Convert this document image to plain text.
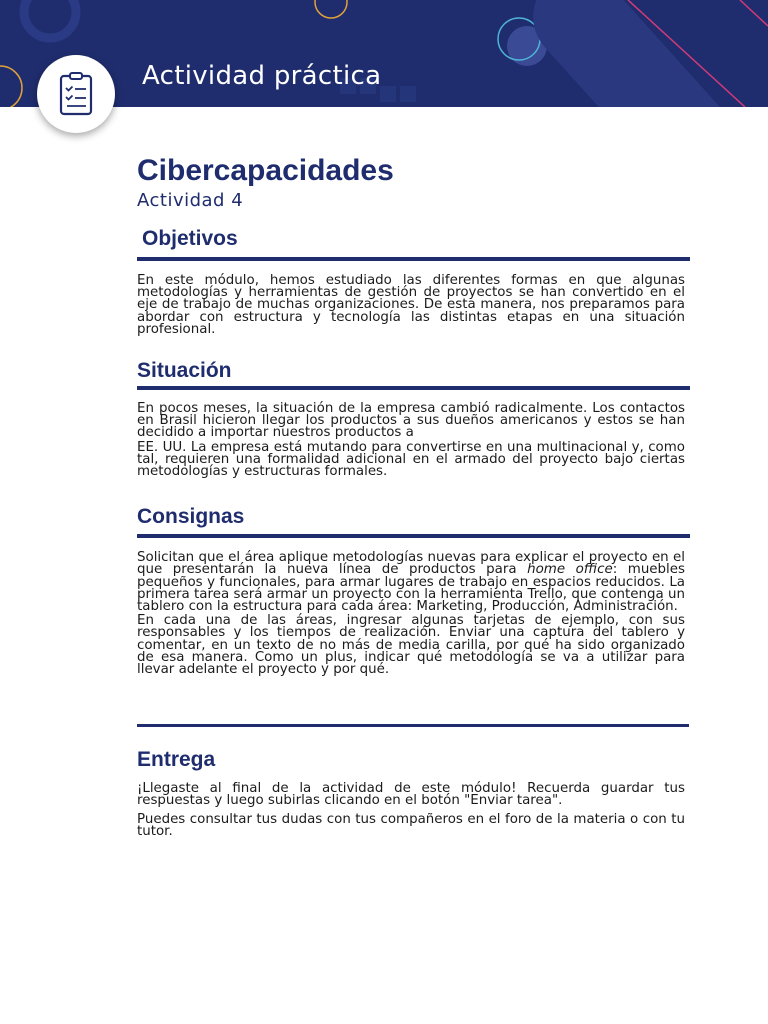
Actividad práctica
Cibercapacidades

Actividad 4

Objetivos

En este módulo, hemos estudiado las diferentes formas en que algunas metodologías y herramientas de gestión de proyectos se han convertido en el eje de trabajo de muchas organizaciones. De esta manera, nos preparamos para abordar con estructura y tecnología las distintas etapas en una situación profesional.

Situación

En pocos meses, la situación de la empresa cambió radicalmente. Los contactos en Brasil hicieron llegar los productos a sus dueños americanos y estos se han decidido a importar nuestros productos a

EE. UU. La empresa está mutando para convertirse en una multinacional y, como tal, requieren una formalidad adicional en el armado del proyecto bajo ciertas metodologías y estructuras formales.

Consignas

Solicitan que el área aplique metodologías nuevas para explicar el proyecto en el que presentarán la nueva línea de productos para home office: muebles pequeños y funcionales, para armar lugares de trabajo en espacios reducidos. La primera tarea será armar un proyecto con la herramienta Trello, que contenga un tablero con la estructura para cada área: Marketing, Producción, Administración.

En cada una de las áreas, ingresar algunas tarjetas de ejemplo, con sus responsables y los tiempos de realización. Enviar una captura del tablero y comentar, en un texto de no más de media carilla, por qué ha sido organizado de esa manera. Como un plus, indicar qué metodología se va a utilizar para llevar adelante el proyecto y por qué.

Entrega

¡Llegaste al final de la actividad de este módulo! Recuerda guardar tus respuestas y luego subirlas clicando en el botón "Enviar tarea".

Puedes consultar tus dudas con tus compañeros en el foro de la materia o con tu tutor.
